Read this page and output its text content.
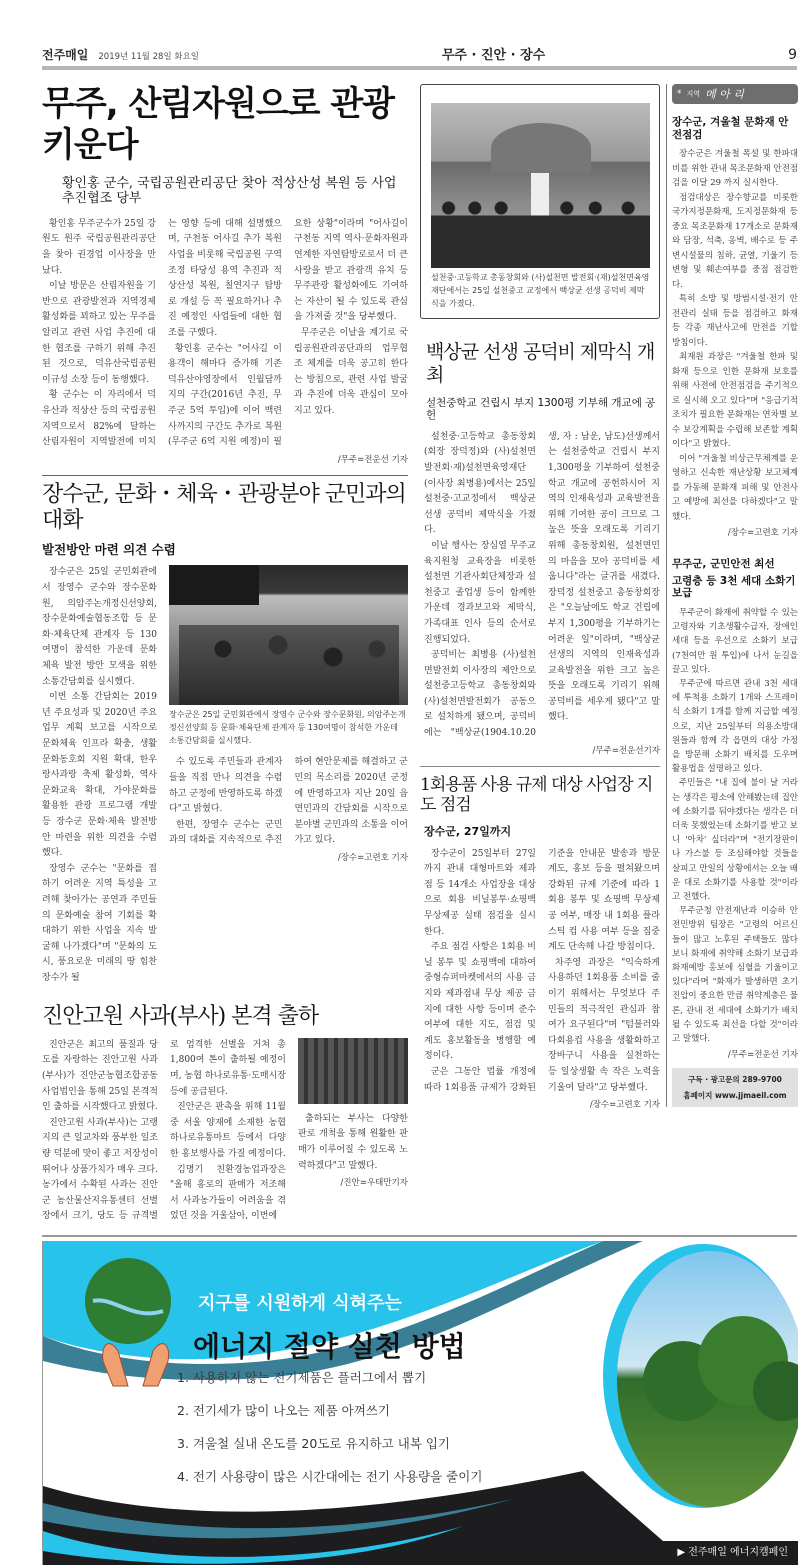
전주매일 2019년 11월 28일 화요일	무주 · 진안 · 장수	9
무주, 산림자원으로 관광 키운다
황인홍 군수, 국립공원관리공단 찾아 적상산성 복원 등 사업 추진협조 당부

황인홍 무주군수가 25일 강원도 원주 국립공원관리공단을 찾아 권경업 이사장을 만났다.

이날 방문은 산림자원을 기반으로 관광발전과 지역경제 활성화를 꾀하고 있는 무주를 알리고 관련 사업 추진에 대한 협조를 구하기 위해 추진된 것으로, 덕유산국립공원 이규성 소장 등이 동행했다.

황 군수는 이 자리에서 덕유산과 적상산 등의 국립공원 지역으로서 82%에 달하는 산림자원이 지역발전에 미치는 영향 등에 대해 설명했으며, 구천동 어사길 추가 복원사업을 비롯해 국립공원 구역조정 타당성 용역 추진과 적상산성 복원, 칠연지구 탐방로 개설 등 꼭 필요하거나 추진 예정인 사업들에 대한 협조를 구했다.

황인홍 군수는 "어사길 이용객이 해마다 증가해 기존 덕유산야영장에서 인월담까지의 구간(2016년 추진, 무주군 5억 투입)에 이어 백련사까지의 구간도 추가로 복원(무주군 6억 지원 예정)이 필요한 상황"이라며 "어사길이 구천동 지역 역사·문화자원과 연계한 자연탐방로로서 더 큰 사랑을 받고 관광객 유치 등 무주관광 활성화에도 기여하는 자산이 될 수 있도록 관심을 가져줄 것"을 당부했다.

무주군은 이날을 계기로 국립공원관리공단과의 업무협조 체계를 더욱 공고히 한다는 방침으로, 관련 사업 발굴과 추진에 더욱 관심이 모아지고 있다.

/무주=전운선 기자
장수군, 문화・체육・관광분야 군민과의 대화
발전방안 마련 의견 수렴

장수군은 25일 군민회관에서 장영수 군수와 장수문화원, 의암주논개정신선양회, 장수문화예술협동조합 등 문화·체육단체 관계자 등 130여명이 참석한 가운데 문화 체육 발전 방안 모색을 위한 소통간담회를 실시했다.

이번 소통 간담회는 2019년 주요성과 및 2020년 주요업무 계획 보고를 시작으로 문화체육 인프라 확충, 생활문화동호회 지원 확대, 한우랑사과랑 축제 활성화, 역사문화교육 확대, 가야문화를 활용한 관광 프로그램 개발 등 장수군 문화·체육 발전방안 마련을 위한 의견을 수렴했다.

장영수 군수는 "문화를 접하기 어려운 지역 특성을 고려해 찾아가는 공연과 주민들의 문화예술 참여 기회를 확대하기 위한 사업을 지속 발굴해 나가겠다"며 "문화의 도시, 풍요로운 미래의 땅 힘찬 장수가 될

장수군은 25일 군민회관에서 장영수 군수와 장수문화원, 의암주논개정신선양회 등 문화·체육단체 관계자 등 130여명이 참석한 가운데 소통간담회를 실시했다.

수 있도록 주민들과 관계자들을 직접 만나 의견을 수렴하고 군정에 반영하도록 하겠다"고 밝혔다.

한편, 장영수 군수는 군민과의 대화를 지속적으로 추진하여 현안문제를 해결하고 군민의 목소리를 2020년 군정에 반영하고자 지난 20일 읍면민과의 간담회를 시작으로 분야별 군민과의 소통을 이어가고 있다.

/장수=고련호 기자
진안고원 사과(부사) 본격 출하

진안군은 최고의 품질과 당도를 자랑하는 진안고원 사과(부사)가 진안군농협조합공동사업법인을 통해 25일 본격적인 출하를 시작했다고 밝혔다.

진안고원 사과(부사)는 고랭지의 큰 일교차와 풍부한 일조량 덕분에 맛이 좋고 저장성이 뛰어나 상품가치가 매우 크다. 농가에서 수확된 사과는 진안군 농산물산지유통센터 선별장에서 크기, 당도 등 규격별로 엄격한 선별을 거쳐 총 1,800여 톤이 출하될 예정이며, 농협 하나로유통·도매시장 등에 공급된다.

진안군은 판촉을 위해 11월 중 서울 양재에 소재한 농협 하나로유통마트 등에서 다양한 홍보행사를 가질 예정이다.

김명기 친환경농업과장은 "올해 홍로의 판매가 저조해서 사과농가들이 어려움을 겪었던 것을 거울삼아, 이번에

출하되는 부사는 다양한 판로 개척을 통해 원활한 판매가 이루어질 수 있도록 노력하겠다"고 말했다.

/진안=우태만기자
설천중·고등학교 총동창회와 (사)설천면 발전회·(재)설천면육영재단에서는 25일 설천중고 교정에서 백상균 선생 공덕비 제막식을 가졌다.
백상균 선생 공덕비 제막식 개최
설천중학교 건립시 부지 1300평 기부해 개교에 공헌

설천중·고등학교 총동창회(회장 장덕정)와 (사)설천면 발전회·재)설천면육영재단(이사장 최병용)에서는 25일 설천중·고교정에서 백상균 선생 공덕비 제막식을 가졌다.

이날 행사는 장심열 무주교육지원청 교육장을 비롯한 설천면 기관사회단체장과 설천중고 졸업생 등이 함께한 가운데 경과보고와 제막식, 가족대표 인사 등의 순서로 진행되었다.

공덕비는 최병용 (사)설천면발전회 이사장의 제안으로 설천중고등학교 총동창회와 (사)설천면발전회가 공동으로 설치하게 됐으며, 공덕비에는 "백상균(1904.10.20생, 자 : 남운, 남도)선생께서는 설천중학교 건립시 부지 1,300평을 기부하여 설천중학교 개교에 공헌하시어 지역의 인재육성과 교육발전을 위해 기여한 공이 크므로 그 높은 뜻을 오래도록 기리기 위해 총동창회원, 설천면민의 마음을 모아 공덕비를 세웁니다"라는 글귀를 새겼다. 장덕정 설천중고 총동창회장은 "오늘날에도 학교 건립에 부지 1,300평을 기부하기는 어려운 일"이라며, "백상균 선생의 지역의 인재육성과 교육발전을 위한 크고 높은 뜻을 오래도록 기리기 위해 공덕비를 세우게 됐다"고 말했다.

/무주=전운선기자
1회용품 사용 규제 대상 사업장 지도 점검
장수군, 27일까지

장수군이 25일부터 27일까지 관내 대형마트와 제과점 등 14개소 사업장을 대상으로 회용 비닐봉투·쇼핑백 무상제공 실태 점검을 실시한다.

주요 점검 사항은 1회용 비닐 봉투 및 쇼핑백에 대하여 중형슈퍼마켓에서의 사용 금지와 제과점내 무상 제공 금지에 대한 사항 등이며 준수여부에 대한 지도, 점검 및 계도 홍보활동을 병행할 예정이다.

군은 그동안 법률 개정에 따라 1회용품 규제가 강화된 기준을 안내문 발송과 방문계도, 홍보 등을 펼쳐왔으며 강화된 규제 기준에 따라 1회용 봉투 및 쇼핑백 무상제공 여부, 매장 내 1회용 플라스틱 컵 사용 여부 등을 집중 계도 단속해 나갈 방침이다.

차주영 과장은 "익숙하게 사용하던 1회용품 소비를 줄이기 위해서는 무엇보다 주민들의 적극적인 관심과 참여가 요구된다"며 "텀블러와 다회용컵 사용을 생활화하고 장바구니 사용을 실천하는 등 일상생활 속 작은 노력을 기울여 달라"고 당부했다.

/장수=고련호 기자
* 지역 메 아 리
장수군, 겨울철 문화재 안전점검

장수군은 겨울철 폭설 및 한파대비를 위한 관내 목조문화재 안전점검을 이달 29 까지 실시한다.

점검대상은 장수향교를 비롯한 국가지정문화재, 도지정문화재 등 중요 목조문화재 17개소로 문화재와 담장, 석축, 옹벽, 배수로 등 주변시설물의 침하, 균열, 기울기 등 변형 및 훼손여부를 중점 점검한다.

특히 소방 및 방범시설·전기 안전관리 실태 등을 점검하고 화재 등 각종 재난사고에 만전을 기할 방침이다.

최재원 과장은 "겨울철 한파 및 화재 등으로 인한 문화재 보호를 위해 사전에 안전점검을 주기적으로 실시해 오고 있다"며 "응급기적 조치가 필요한 문화재는 연차별 보수 보강계획을 수립해 보존할 계획이다"고 밝혔다.

이어 "겨울철 비상근무체계를 운영하고 신속한 재난상황 보고체계를 가동해 문화재 피해 및 안전사고 예방에 최선을 다하겠다"고 말했다.

/장수=고련호 기자
무주군, 군민안전 최선
고령층 등 3천 세대 소화기 보급

무주군이 화재에 취약할 수 있는 고령자와 기초생활수급자, 장애인 세대 등을 우선으로 소화기 보급(7천여만 원 투입)에 나서 눈길을 끌고 있다.

무주군에 따르면 관내 3천 세대에 투척용 소화기 1개와 스프레이식 소화기 1개를 함께 지급할 예정으로, 지난 25일부터 의용소방대원들과 함께 각 읍면의 대상 가정을 방문해 소화기 배치를 도우며 활용법을 설명하고 있다.

주민들은 "내 집에 불이 날 거라는 생각은 평소에 안해봤는데 집안에 소화기를 둬야겠다는 생각은 더더욱 못했었는데 소화기를 받고 보니 '아차' 싶더라"며 "전기장판이나 가스불 등 조심해야할 것들을 살피고 만일의 상황에서는 오늘 배운 대로 소화기를 사용할 것"이라고 전했다.

무주군청 안전재난과 이승하 안전민방위 팀장은 "고령의 어르신들이 많고 노후된 주택들도 많다 보니 화재에 취약해 소화기 보급과 화재예방 홍보에 심혈을 기울이고 있다"라며 "화재가 발생하면 초기 진압이 중요한 만큼 취약계층은 물론, 관내 전 세대에 소화기가 배치될 수 있도록 최선을 다할 것"이라고 말했다.

/무주=전운선 기자
구독 · 광고문의 289-9700
홈페이지 www.jjmaeil.com
지구를 시원하게 식혀주는
에너지 절약 실천 방법
1. 사용하지 않는 전기제품은 플러그에서 뽑기
2. 전기세가 많이 나오는 제품 아껴쓰기
3. 겨울철 실내 온도를 20도로 유지하고 내복 입기
4. 전기 사용량이 많은 시간대에는 전기 사용량을 줄이기
▶ 전주매일 에너지캠페인
